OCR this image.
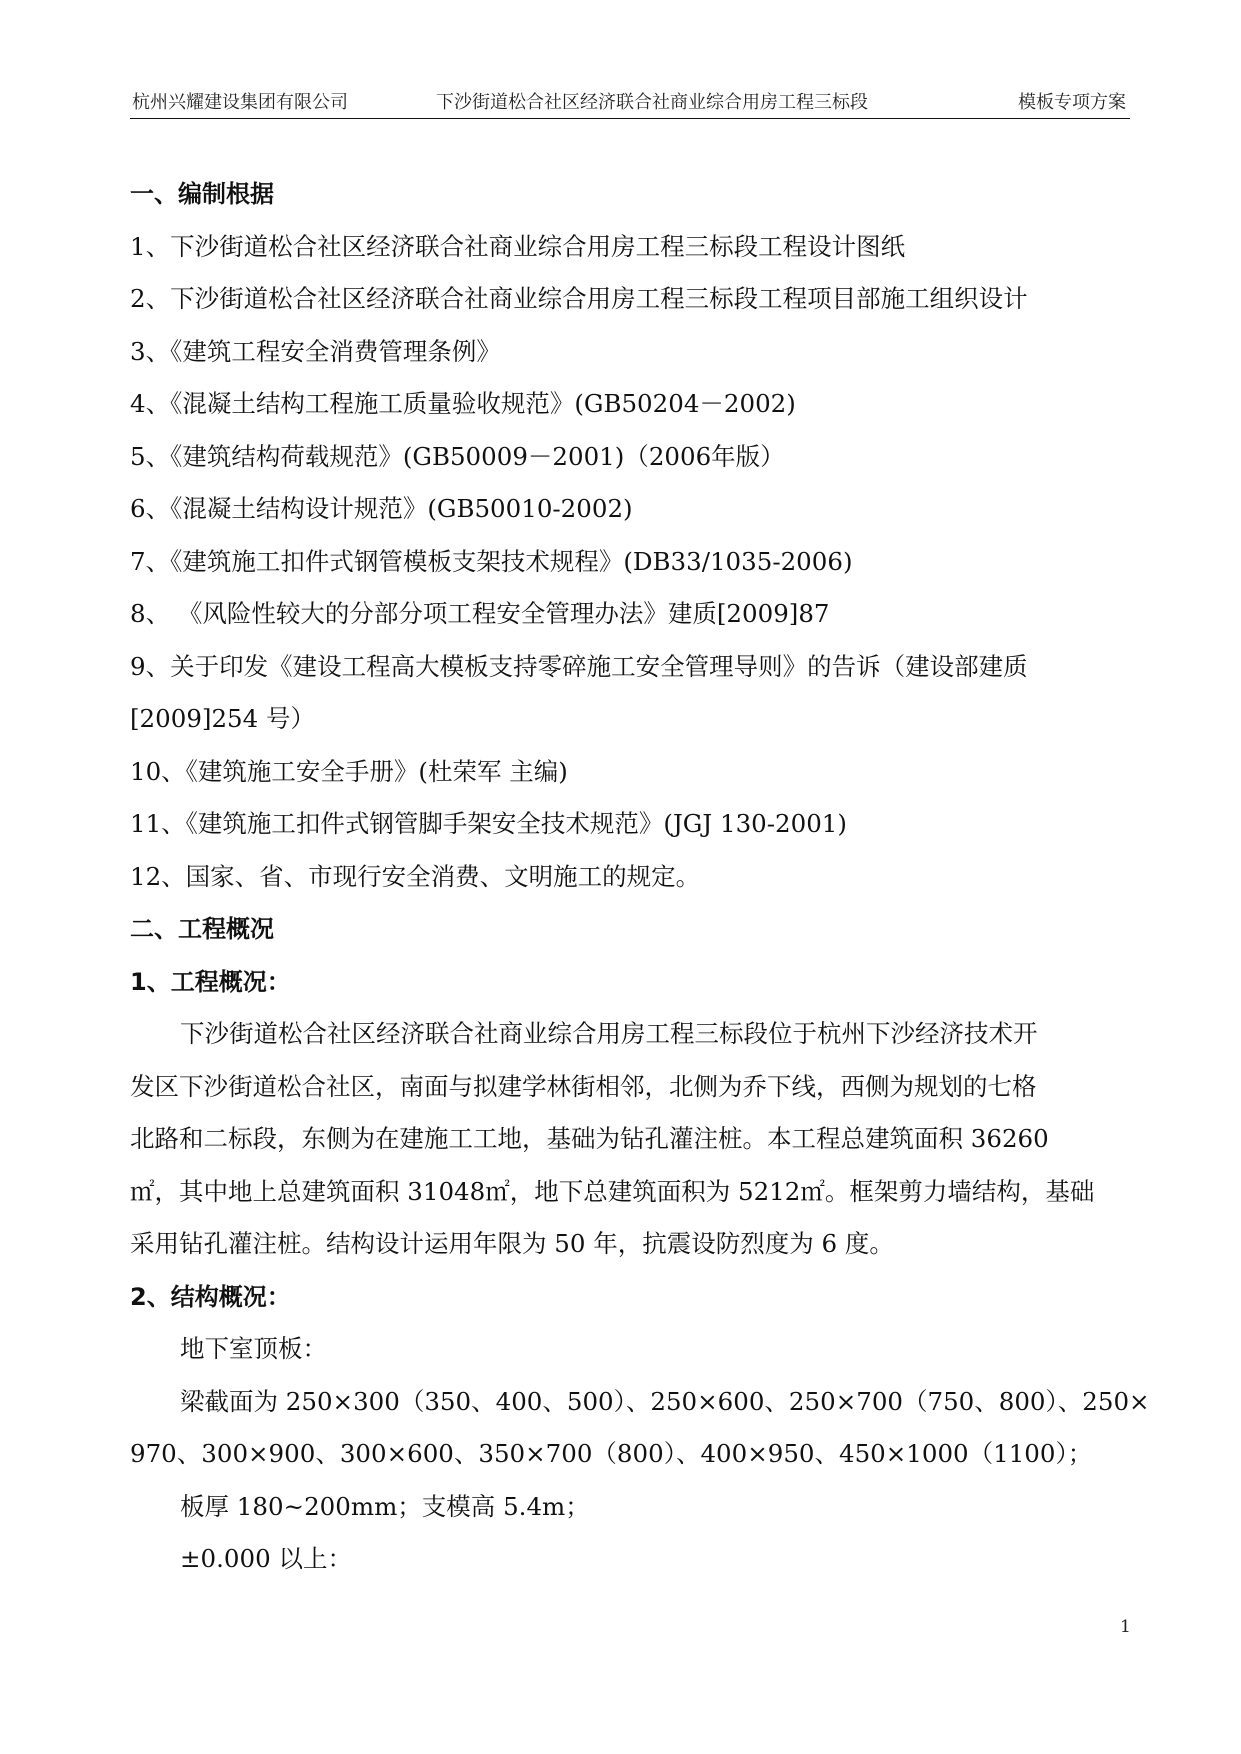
杭州兴耀建设集团有限公司	下沙街道松合社区经济联合社商业综合用房工程三标段	模板专项方案
一、编制根据
1、下沙街道松合社区经济联合社商业综合用房工程三标段工程设计图纸
2、下沙街道松合社区经济联合社商业综合用房工程三标段工程项目部施工组织设计
3、《建筑工程安全消费管理条例》
4、《混凝土结构工程施工质量验收规范》(GB50204－2002)
5、《建筑结构荷载规范》(GB50009－2001)（2006年版）
6、《混凝土结构设计规范》(GB50010-2002)
7、《建筑施工扣件式钢管模板支架技术规程》(DB33/1035-2006)
8、 《风险性较大的分部分项工程安全管理办法》建质[2009]87
9、关于印发《建设工程高大模板支持零碎施工安全管理导则》的告诉（建设部建质
[2009]254 号）
10、《建筑施工安全手册》(杜荣军 主编)
11、《建筑施工扣件式钢管脚手架安全技术规范》(JGJ 130-2001)
12、国家、省、市现行安全消费、文明施工的规定。
二、工程概况
1、工程概况：
下沙街道松合社区经济联合社商业综合用房工程三标段位于杭州下沙经济技术开
发区下沙街道松合社区，南面与拟建学林街相邻，北侧为乔下线，西侧为规划的七格
北路和二标段，东侧为在建施工工地，基础为钻孔灌注桩。本工程总建筑面积 36260
㎡，其中地上总建筑面积 31048㎡，地下总建筑面积为 5212㎡。框架剪力墙结构，基础
采用钻孔灌注桩。结构设计运用年限为 50 年，抗震设防烈度为 6 度。
2、结构概况：
地下室顶板：
梁截面为 250×300（350、400、500）、250×600、250×700（750、800）、250×
970、300×900、300×600、350×700（800）、400×950、450×1000（1100）；
板厚 180~200mm；支模高 5.4m；
±0.000 以上：
1
